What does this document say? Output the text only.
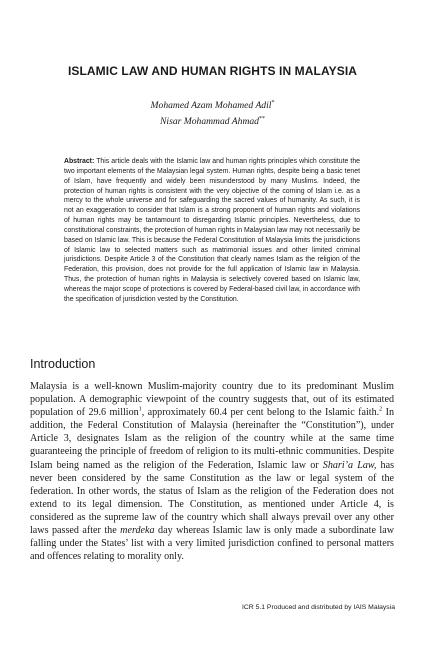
ISLAMIC LAW AND HUMAN RIGHTS IN MALAYSIA
Mohamed Azam Mohamed Adil*
Nisar Mohammad Ahmad**

Abstract: This article deals with the Islamic law and human rights principles which constitute the two important elements of the Malaysian legal system. Human rights, despite being a basic tenet of Islam, have frequently and widely been misunderstood by many Muslims. Indeed, the protection of human rights is consistent with the very objective of the coming of Islam i.e. as a mercy to the whole universe and for safeguarding the sacred values of humanity. As such, it is not an exaggeration to consider that Islam is a strong proponent of human rights and violations of human rights may be tantamount to disregarding Islamic principles. Nevertheless, due to constitutional constraints, the protection of human rights in Malaysian law may not necessarily be based on Islamic law. This is because the Federal Constitution of Malaysia limits the jurisdictions of Islamic law to selected matters such as matrimonial issues and other limited criminal jurisdictions. Despite Article 3 of the Constitution that clearly names Islam as the religion of the Federation, this provision, does not provide for the full application of Islamic law in Malaysia. Thus, the protection of human rights in Malaysia is selectively covered based on Islamic law, whereas the major scope of protections is covered by Federal-based civil law, in accordance with the specification of jurisdiction vested by the Constitution.

Introduction

Malaysia is a well-known Muslim-majority country due to its predominant Muslim population. A demographic viewpoint of the country suggests that, out of its estimated population of 29.6 million$^1$, approximately 60.4 per cent belong to the Islamic faith.$^2$ In addition, the Federal Constitution of Malaysia (hereinafter the “Constitution”), under Article 3, designates Islam as the religion of the country while at the same time guaranteeing the principle of freedom of religion to its multi-ethnic communities. Despite Islam being named as the religion of the Federation, Islamic law or Shari’a Law, has never been considered by the same Constitution as the law or legal system of the federation. In other words, the status of Islam as the religion of the Federation does not extend to its legal dimension. The Constitution, as mentioned under Article 4, is considered as the supreme law of the country which shall always prevail over any other laws passed after the merdeka day whereas Islamic law is only made a subordinate law falling under the States’ list with a very limited jurisdiction confined to personal matters and offences relating to morality only.

ICR 5.1 Produced and distributed by IAIS Malaysia
